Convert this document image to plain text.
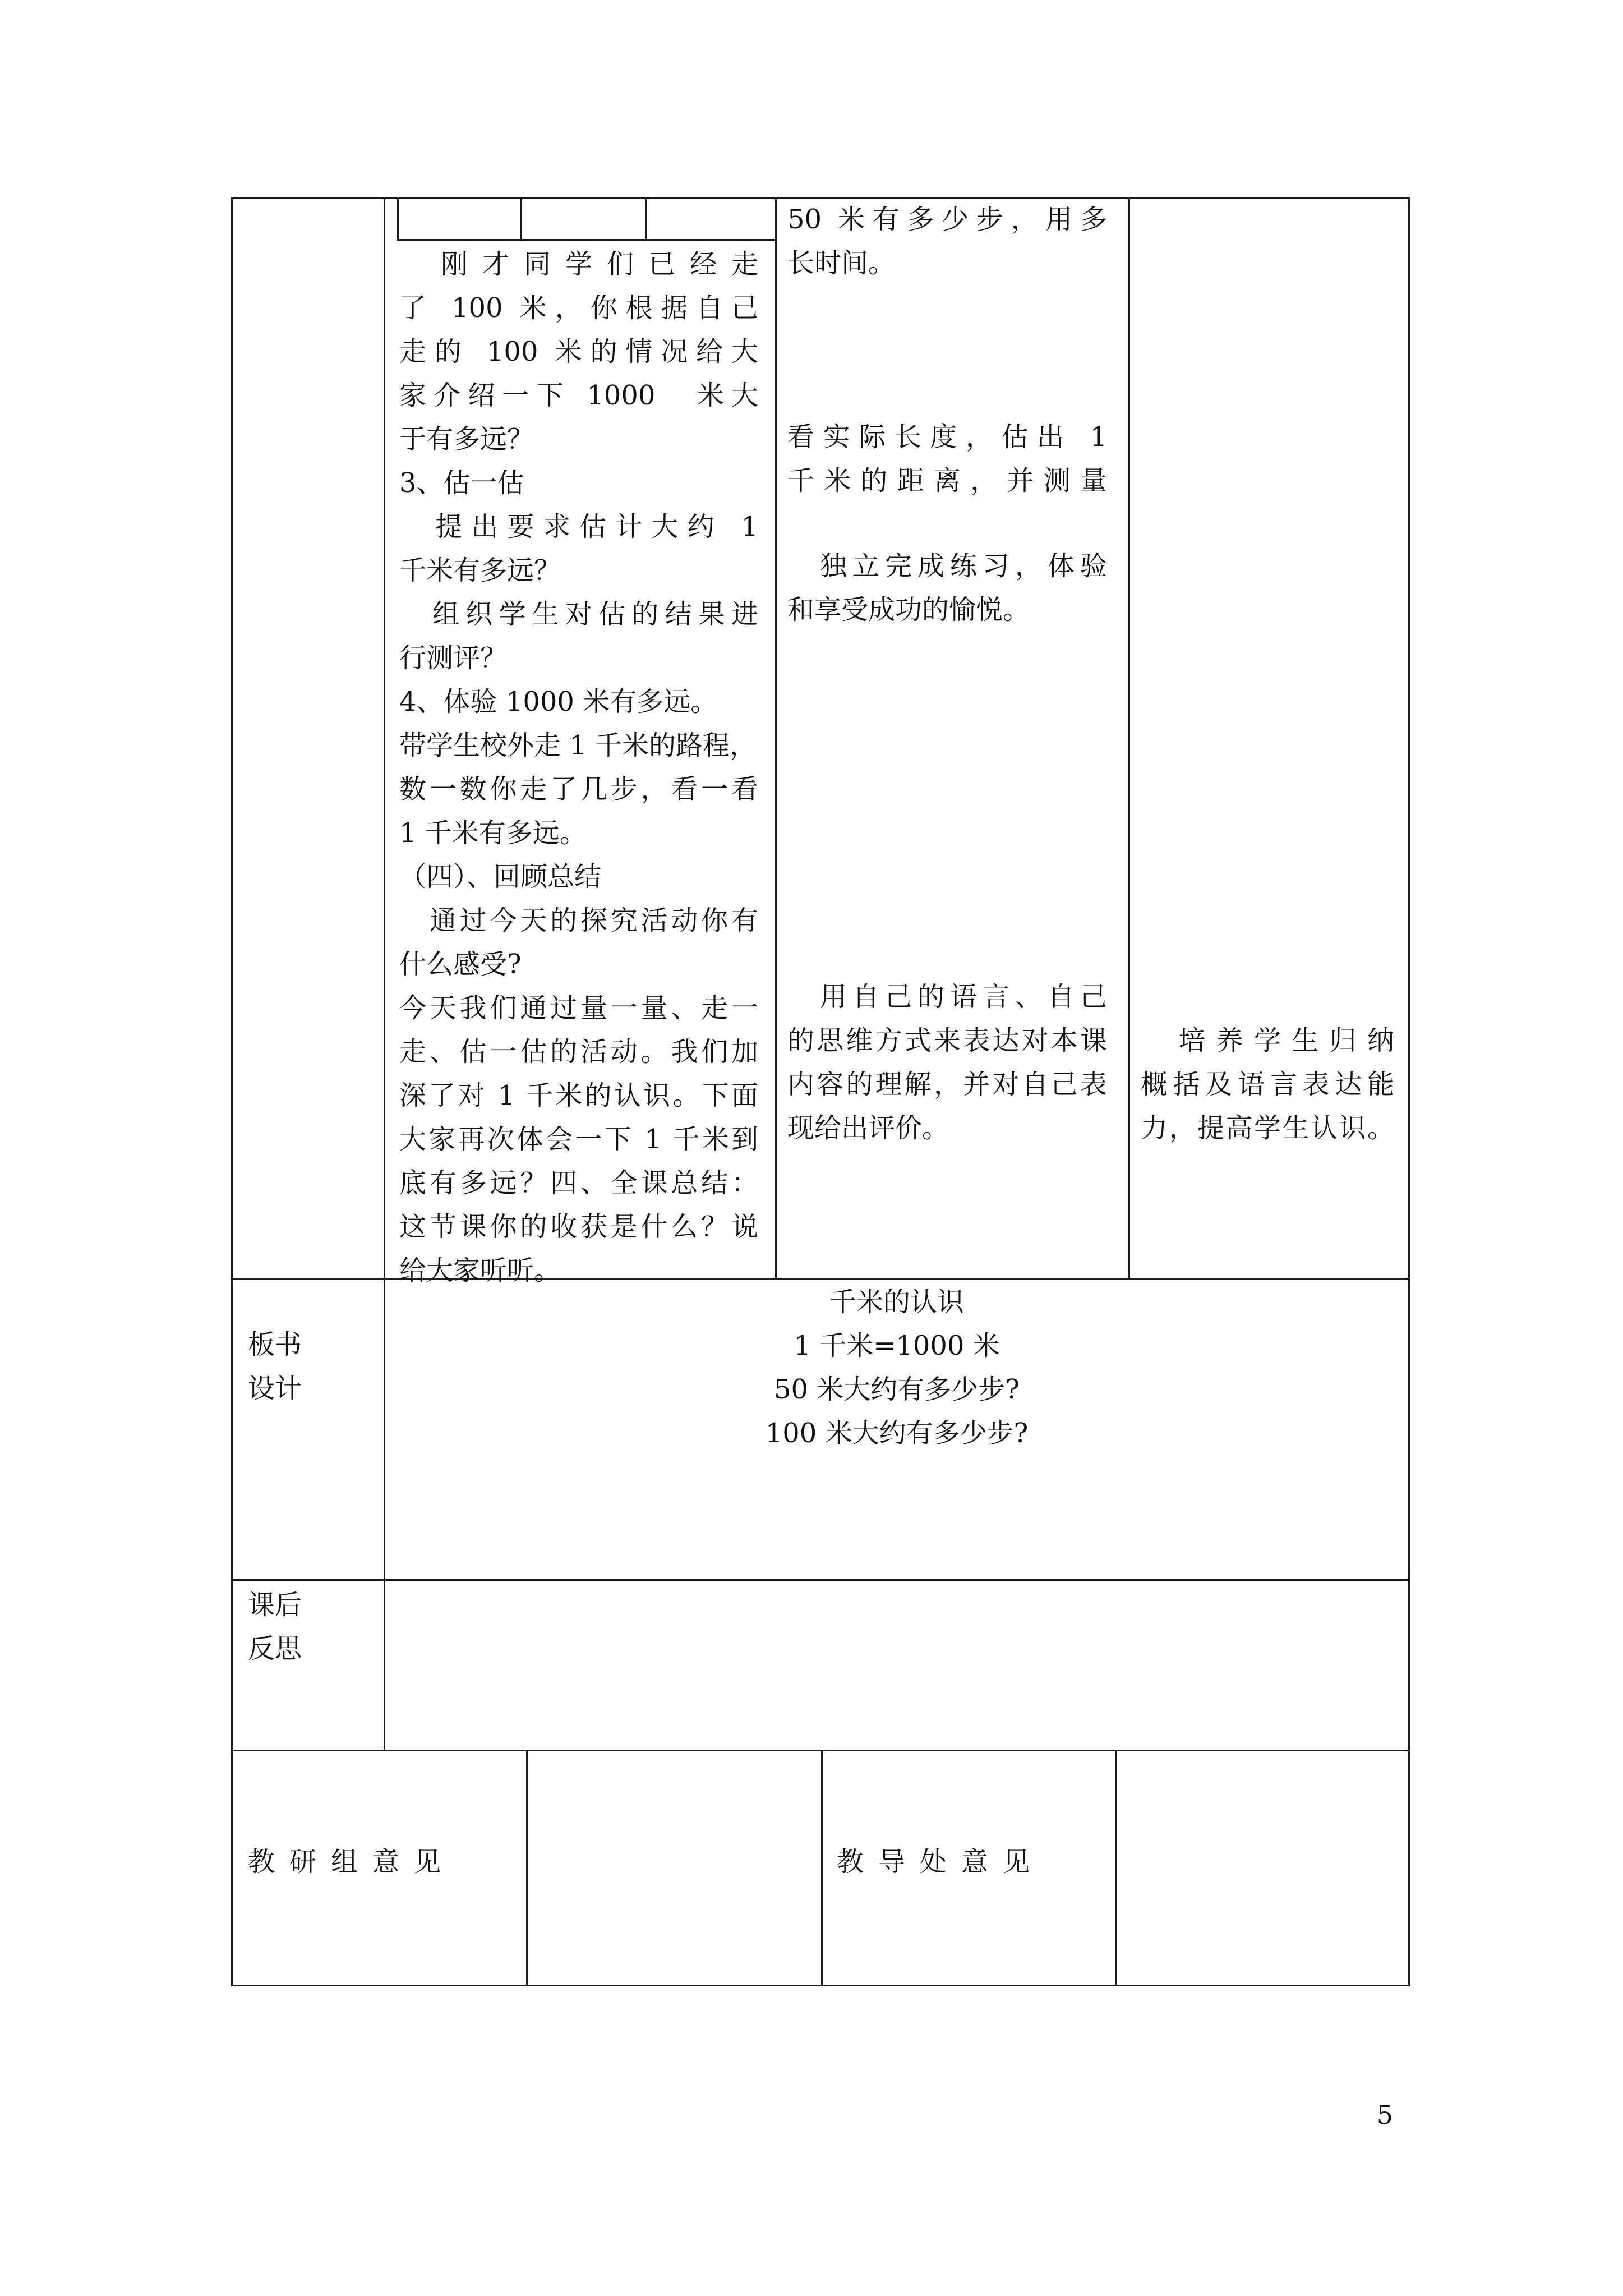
　刚才同学们已经走
了 100 米，你根据自己
走的 100 米的情况给大
家介绍一下 1000　米大
于有多远？
3、估一估
　提出要求估计大约 1
千米有多远？
　组织学生对估的结果进
行测评？
4、体验 1000 米有多远。
带学生校外走 1 千米的路程，
数一数你走了几步，看一看
1 千米有多远。
（四）、回顾总结
　通过今天的探究活动你有
什么感受?
今天我们通过量一量、走一
走、估一估的活动。我们加
深了对 1 千米的认识。下面
大家再次体会一下 1 千米到
底有多远？四、全课总结：
这节课你的收获是什么？说
给大家听听。
50 米有多少步，用多
长时间。
看实际长度，估出 1
千米的距离，并测量
　独立完成练习，体验
和享受成功的愉悦。
　用自己的语言、自己
的思维方式来表达对本课
内容的理解，并对自己表
现给出评价。
　培养学生归纳
概括及语言表达能
力，提高学生认识。
板书
设计
千米的认识
1 千米=1000 米
50 米大约有多少步?
100 米大约有多少步?
课后
反思
教研组意见	教导处意见
5
